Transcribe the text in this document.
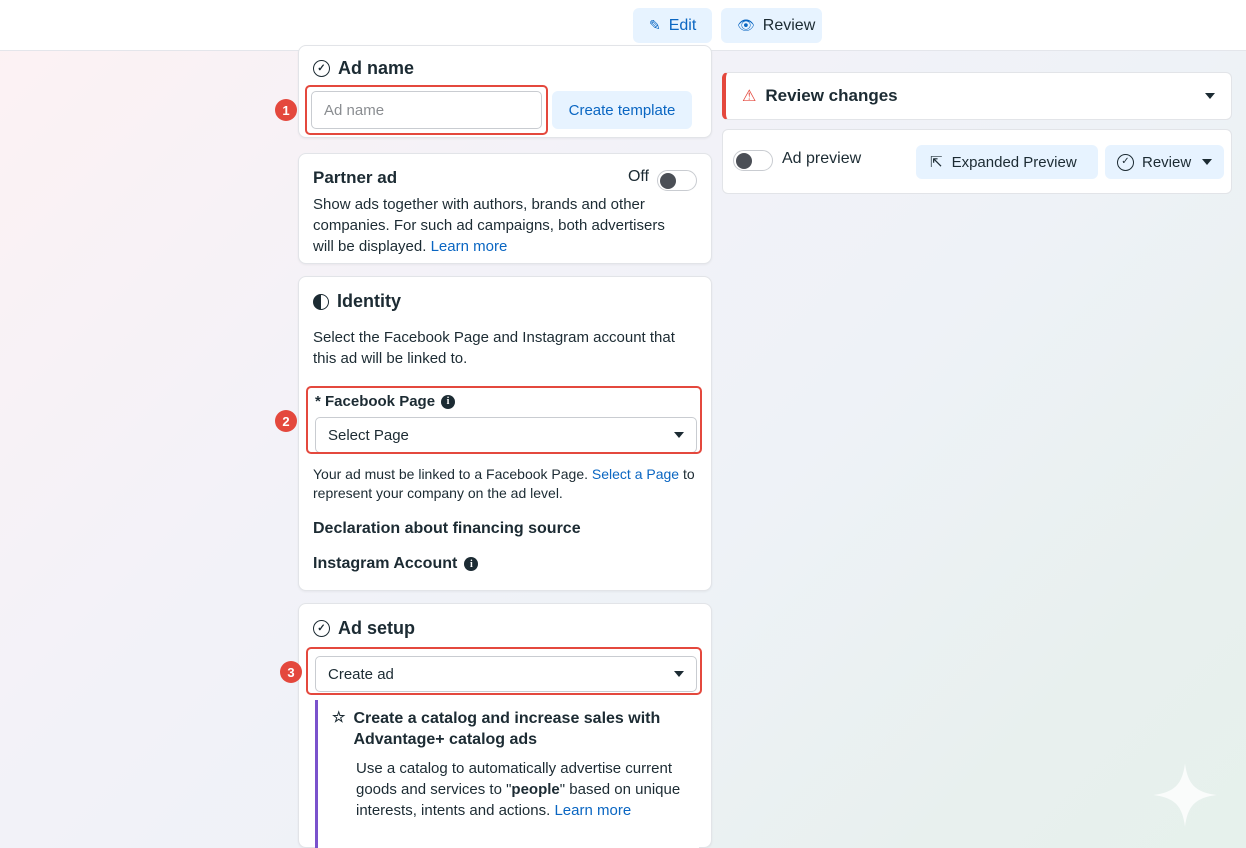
✎ Edit	👁 Review
✓ Ad name
1
Ad name	Create template
Partner ad	Off
Show ads together with authors, brands and other companies. For such ad campaigns, both advertisers will be displayed. Learn more
Identity
Select the Facebook Page and Instagram account that this ad will be linked to.
* Facebook Page	i
Select Page
Your ad must be linked to a Facebook Page. Select a Page to represent your company on the ad level.
Declaration about financing source
Instagram Account	i
2
✓ Ad setup
Create ad
☆ Create a catalog and increase sales with Advantage+ catalog ads
Use a catalog to automatically advertise current goods and services to "people" based on unique interests, intents and actions. Learn more
3
⚠ Review changes
Ad preview	⇱ Expanded Preview	✓ Review
